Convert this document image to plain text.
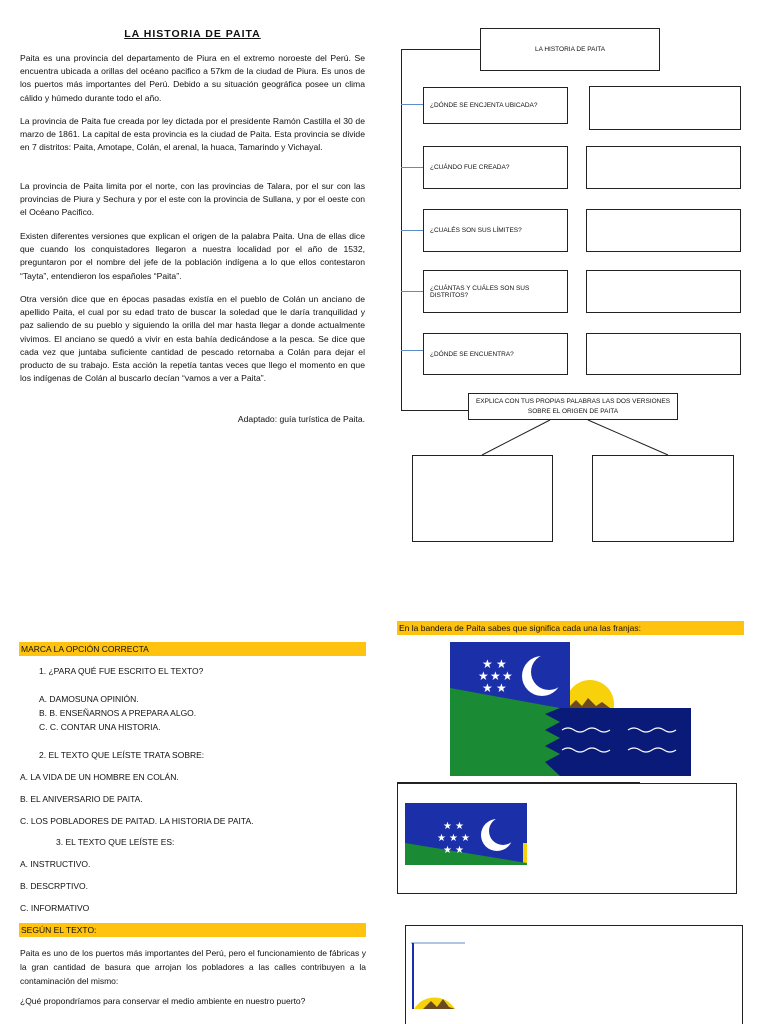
LA HISTORIA DE PAITA

Paita es una provincia del departamento de Piura en el extremo noroeste del Perú. Se encuentra ubicada a orillas del océano pacifico a 57km de la ciudad de Piura. Es unos de los puertos más importantes del Perú. Debido a su situación geográfica posee un clima cálido y húmedo durante todo el año.

La provincia de Paita fue creada por ley dictada por el presidente Ramón Castilla el 30 de marzo de 1861. La capital de esta provincia es la ciudad de Paita. Esta provincia se divide en 7 distritos: Paita, Amotape, Colán, el arenal, la huaca, Tamarindo y Vichayal.

La provincia de Paita limita por el norte, con las provincias de Talara, por el sur con las provincias de Piura y Sechura y por el este con la provincia de Sullana, y por el oeste con el Océano Pacifico.

Existen diferentes versiones que explican el origen de la palabra Paita. Una de ellas dice que cuando los conquistadores llegaron a nuestra localidad por el año de 1532, preguntaron por el nombre del jefe de la población indígena a lo que ellos contestaron “Tayta”, entendieron los españoles “Paita”.

Otra versión dice que en épocas pasadas existía en el pueblo de Colán un anciano de apellido Paita, el cual por su edad trato de buscar la soledad que le daría tranquilidad y paz saliendo de su pueblo y siguiendo la orilla del mar hasta llegar a donde actualmente vivimos. El anciano se quedó a vivir en esta bahía dedicándose a la pesca. Se dice que cada vez que juntaba suficiente cantidad de pescado retornaba a Colán para dejar el producto de su trabajo. Esta acción la repetía tantas veces que llego el momento en que los indígenas de Colán al buscarlo decían “vamos a ver a Paita”.

Adaptado: guía turística de Paita.
LA HISTORIA DE PAITA
¿DÓNDE SE ENCJENTA UBICADA?
¿CUÁNDO FUE CREADA?
¿CUALÉS SON SUS LÍMITES?
¿CUÁNTAS Y CUÁLES SON SUS DISTRITOS?
¿DÓNDE SE ENCUENTRA?
EXPLICA CON TUS PROPIAS PALABRAS LAS DOS VERSIONES
SOBRE EL ORIGEN DE PAITA
MARCA LA OPCIÓN CORRECTA
1. ¿PARA QUÉ FUE ESCRITO EL TEXTO?
A. DAMOSUNA OPINIÓN.
B. B. ENSEÑARNOS A PREPARA ALGO.
C. C. CONTAR UNA HISTORIA.
2. EL TEXTO QUE LEÍSTE TRATA SOBRE:
A. LA VIDA DE UN HOMBRE EN COLÁN.
B. EL ANIVERSARIO DE PAITA.
C. LOS POBLADORES DE PAITAD. LA HISTORIA DE PAITA.
3. EL TEXTO QUE LEÍSTE ES:
A. INSTRUCTIVO.
B. DESCRPTIVO.
C. INFORMATIVO
SEGÚN EL TEXTO:
Paita es uno de los puertos más importantes del Perú, pero el funcionamiento de fábricas y la gran cantidad de basura que arrojan los pobladores a las calles contribuyen a la contaminación del mismo:
¿Qué propondríamos para conservar el medio ambiente en nuestro puerto?
En la bandera de Paita sabes que significa cada una las franjas:
★ ★
★ ★ ★
★ ★
★ ★
★ ★ ★
★ ★
